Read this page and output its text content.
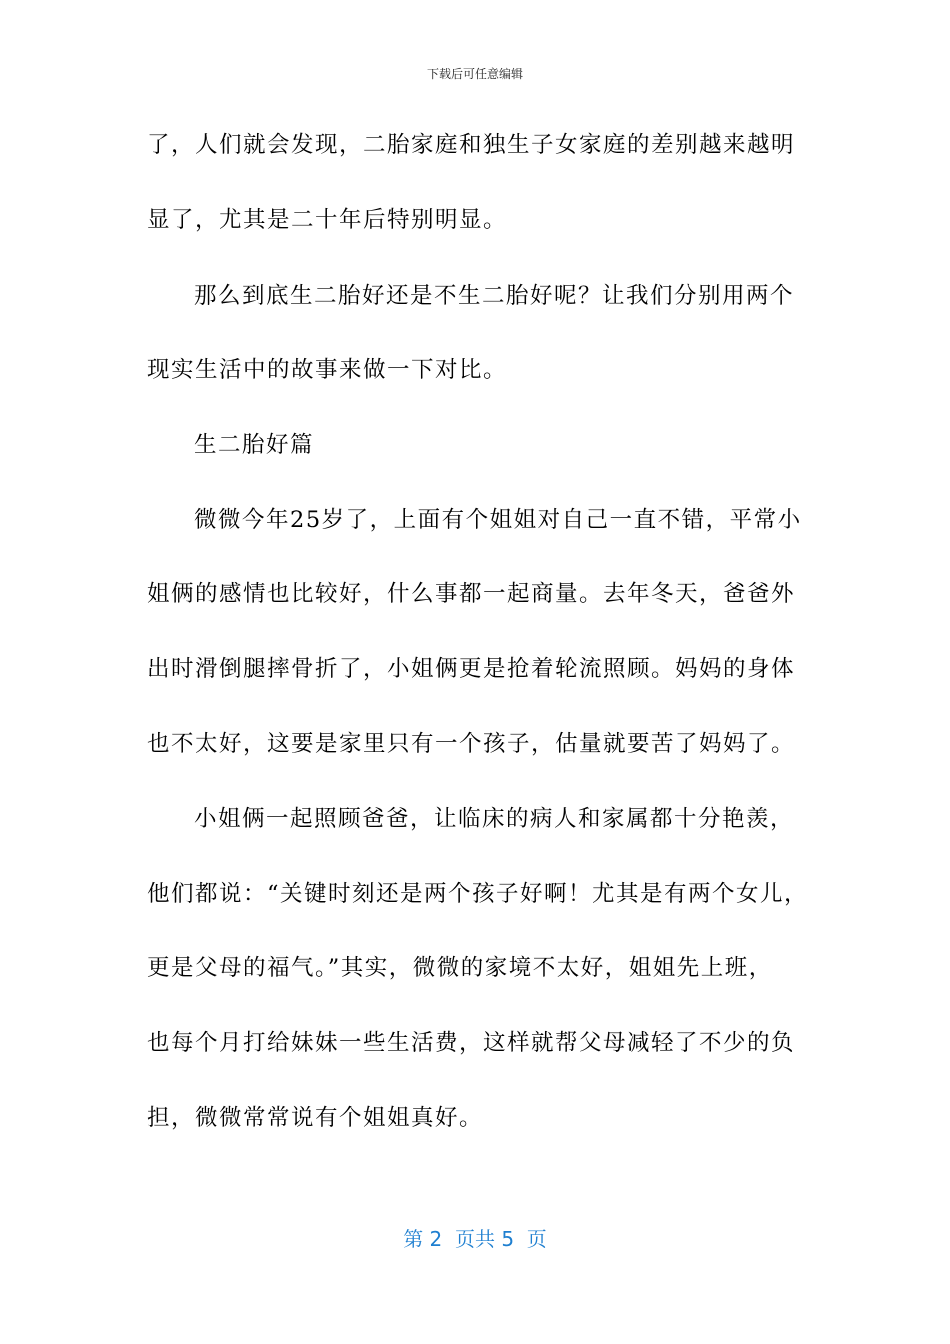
下载后可任意编辑
了，人们就会发现，二胎家庭和独生子女家庭的差别越来越明
显了，尤其是二十年后特别明显。
那么到底生二胎好还是不生二胎好呢？让我们分别用两个
现实生活中的故事来做一下对比。
生二胎好篇
微微今年25岁了，上面有个姐姐对自己一直不错，平常小
姐俩的感情也比较好，什么事都一起商量。去年冬天，爸爸外
出时滑倒腿摔骨折了，小姐俩更是抢着轮流照顾。妈妈的身体
也不太好，这要是家里只有一个孩子，估量就要苦了妈妈了。
小姐俩一起照顾爸爸，让临床的病人和家属都十分艳羡，
他们都说：“关键时刻还是两个孩子好啊！尤其是有两个女儿，
更是父母的福气。”其实，微微的家境不太好，姐姐先上班，
也每个月打给妹妹一些生活费，这样就帮父母减轻了不少的负
担，微微常常说有个姐姐真好。
第 2  页共 5  页
